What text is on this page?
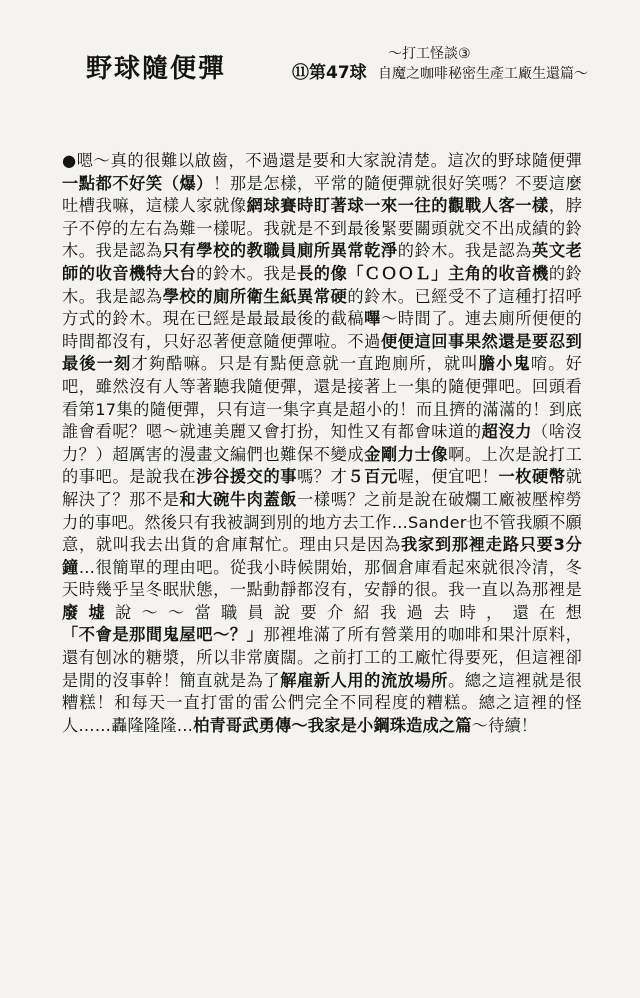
野球隨便彈	⑪第47球
～打工怪談③
自魔之咖啡秘密生產工廠生還篇～
●嗯～真的很難以啟齒，不過還是要和大家說清楚。這次的野球隨便彈一點都不好笑（爆）！那是怎樣，平常的隨便彈就很好笑嗎？不要這麼吐槽我嘛，這樣人家就像網球賽時盯著球一來一往的觀戰人客一樣，脖子不停的左右為難一樣呢。我就是不到最後緊要關頭就交不出成績的鈴木。我是認為只有學校的教職員廁所異常乾淨的鈴木。我是認為英文老師的收音機特大台的鈴木。我是長的像「ＣＯＯＬ」主角的收音機的鈴木。我是認為學校的廁所衛生紙異常硬的鈴木。已經受不了這種打招呼方式的鈴木。現在已經是最最最後的截稿嗶～時間了。連去廁所便便的時間都沒有，只好忍著便意隨便彈啦。不過便便這回事果然還是要忍到最後一刻才夠酷嘛。只是有點便意就一直跑廁所，就叫膽小鬼唷。好吧，雖然沒有人等著聽我隨便彈，還是接著上一集的隨便彈吧。回頭看看第17集的隨便彈，只有這一集字真是超小的！而且擠的滿滿的！到底誰會看呢？嗯～就連美麗又會打扮，知性又有都會味道的超沒力（啥沒力？）超厲害的漫畫文編們也難保不變成金剛力士像啊。上次是說打工的事吧。是說我在涉谷援交的事嗎？才５百元喔，便宜吧！一枚硬幣就解決了？那不是和大碗牛肉蓋飯一樣嗎？之前是說在破爛工廠被壓榨勞力的事吧。然後只有我被調到別的地方去工作…Sander也不管我願不願意，就叫我去出貨的倉庫幫忙。理由只是因為我家到那裡走路只要3分鐘…很簡單的理由吧。從我小時候開始，那個倉庫看起來就很冷清，冬天時幾乎呈冬眠狀態，一點動靜都沒有，安靜的很。我一直以為那裡是廢墟說～～當職員說要介紹我過去時，還在想「不會是那間鬼屋吧～？」那裡堆滿了所有營業用的咖啡和果汁原料，還有刨冰的糖漿，所以非常廣闊。之前打工的工廠忙得要死，但這裡卻是閒的沒事幹！簡直就是為了解雇新人用的流放場所。總之這裡就是很糟糕！和每天一直打雷的雷公們完全不同程度的糟糕。總之這裡的怪人……轟隆隆隆…柏青哥武勇傳～我家是小鋼珠造成之篇～待續！
